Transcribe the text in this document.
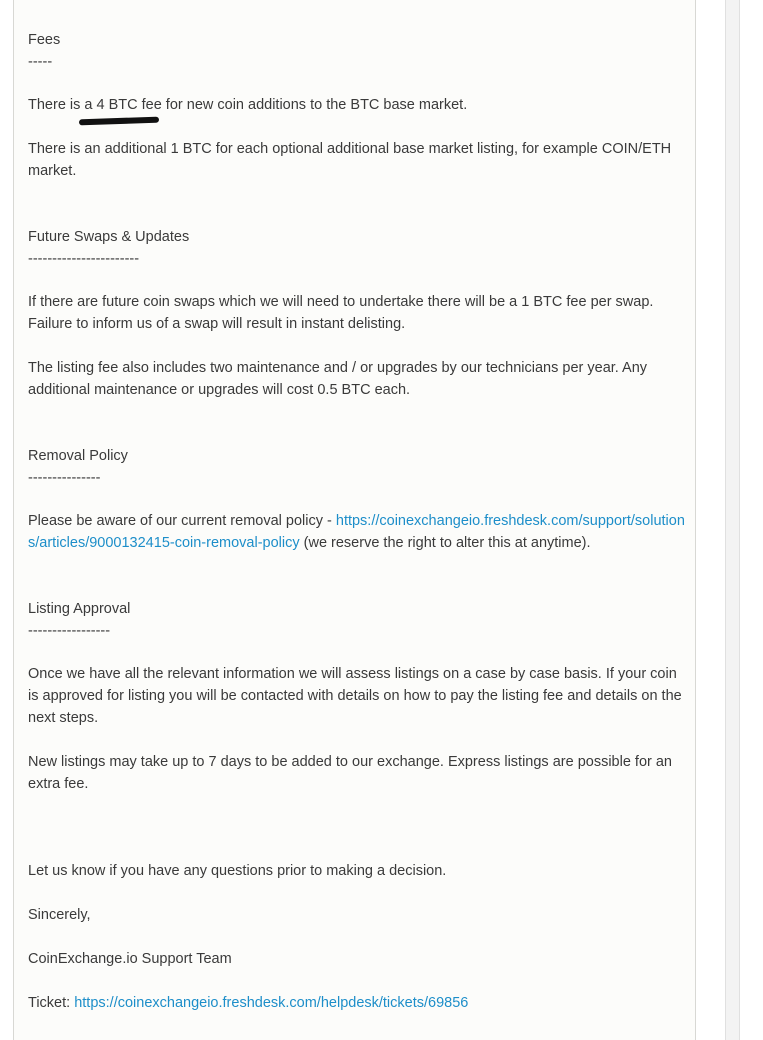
Fees

-----

There is a 4 BTC fee for new coin additions to the BTC base market.

There is an additional 1 BTC for each optional additional base market listing, for example COIN/ETH market.

Future Swaps & Updates

-----------------------

If there are future coin swaps which we will need to undertake there will be a 1 BTC fee per swap. Failure to inform us of a swap will result in instant delisting.

The listing fee also includes two maintenance and / or upgrades by our technicians per year. Any additional maintenance or upgrades will cost 0.5 BTC each.

Removal Policy

---------------

Please be aware of our current removal policy - https://coinexchangeio.freshdesk.com/support/solutions/articles/9000132415-coin-removal-policy (we reserve the right to alter this at anytime).

Listing Approval

-----------------

Once we have all the relevant information we will assess listings on a case by case basis. If your coin is approved for listing you will be contacted with details on how to pay the listing fee and details on the next steps.

New listings may take up to 7 days to be added to our exchange. Express listings are possible for an extra fee.

Let us know if you have any questions prior to making a decision.

Sincerely,

CoinExchange.io Support Team

Ticket: https://coinexchangeio.freshdesk.com/helpdesk/tickets/69856
